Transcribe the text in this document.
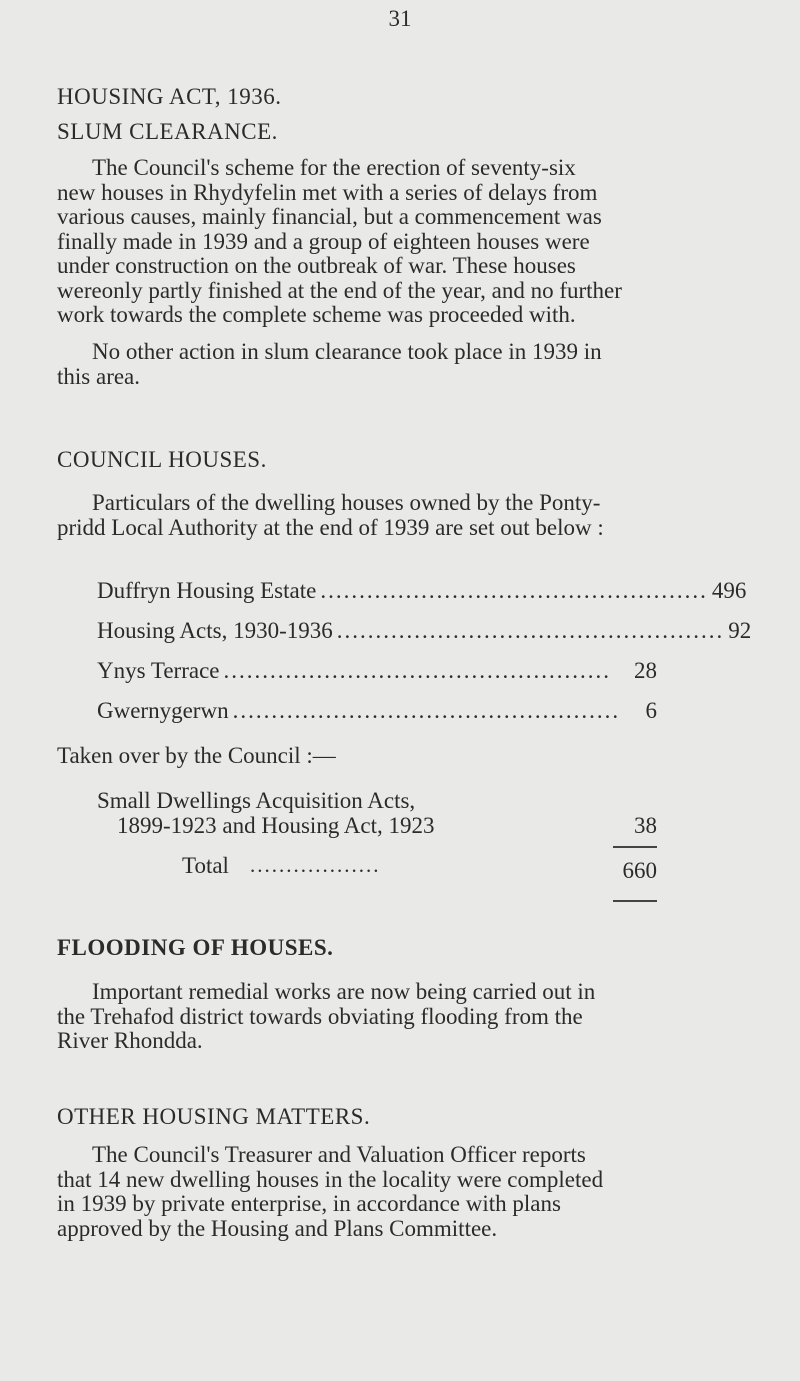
31
HOUSING ACT, 1936.
SLUM CLEARANCE.
The Council's scheme for the erection of seventy-six
new houses in Rhydyfelin met with a series of delays from
various causes, mainly financial, but a commencement was
finally made in 1939 and a group of eighteen houses were
under construction on the outbreak of war. These houses
wereonly partly finished at the end of the year, and no further
work towards the complete scheme was proceeded with.
No other action in slum clearance took place in 1939 in
this area.
COUNCIL HOUSES.
Particulars of the dwelling houses owned by the Ponty-
pridd Local Authority at the end of 1939 are set out below :
Duffryn Housing Estate .................................................. 496
Housing Acts, 1930-1936 .................................................. 92
Ynys Terrace ..................................................	28
Gwernygerwn ..................................................	6
Taken over by the Council :—
Small Dwellings Acquisition Acts,
1899-1923 and Housing Act, 1923	38
Total ..................	660
FLOODING OF HOUSES.
Important remedial works are now being carried out in
the Trehafod district towards obviating flooding from the
River Rhondda.
OTHER HOUSING MATTERS.
The Council's Treasurer and Valuation Officer reports
that 14 new dwelling houses in the locality were completed
in 1939 by private enterprise, in accordance with plans
approved by the Housing and Plans Committee.
